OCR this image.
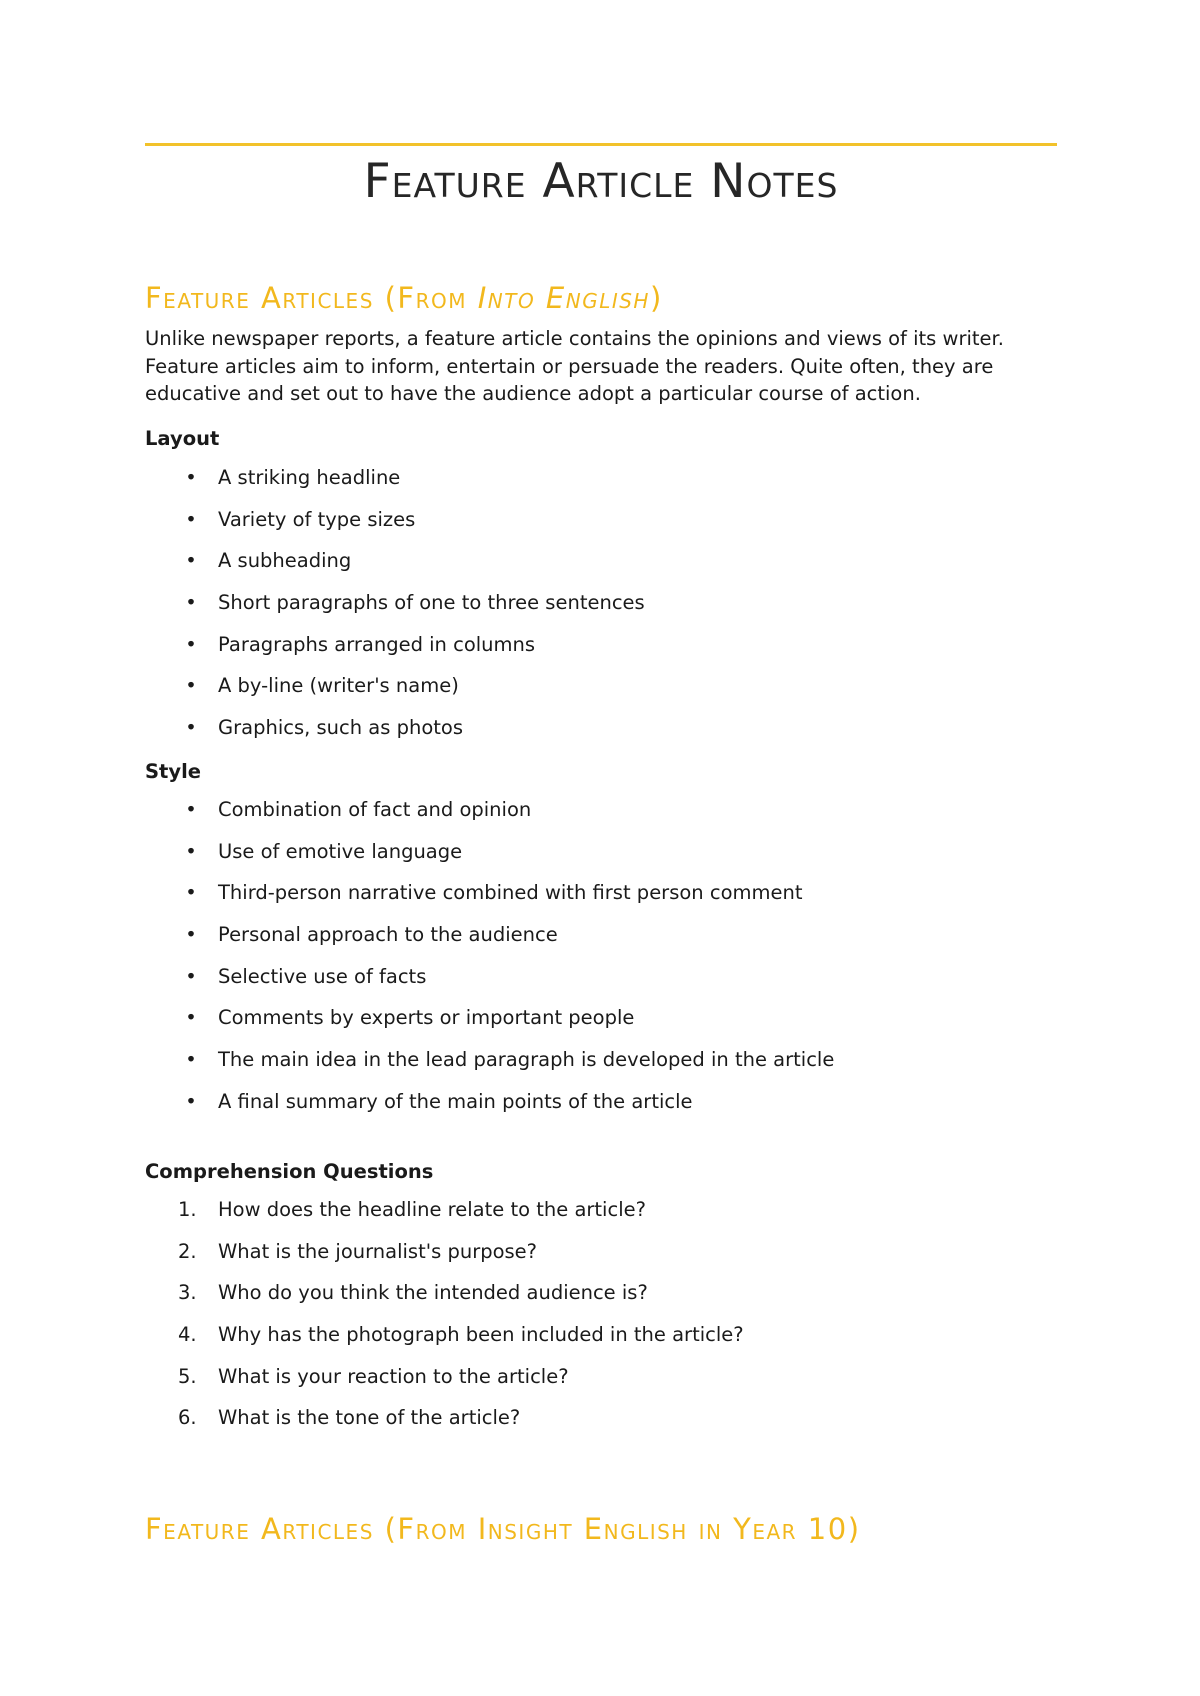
Feature Article Notes
Feature Articles (From Into English)

Unlike newspaper reports, a feature article contains the opinions and views of its writer. Feature articles aim to inform, entertain or persuade the readers. Quite often, they are educative and set out to have the audience adopt a particular course of action.

Layout
• A striking headline
• Variety of type sizes
• A subheading
• Short paragraphs of one to three sentences
• Paragraphs arranged in columns
• A by-line (writer's name)
• Graphics, such as photos
Style
• Combination of fact and opinion
• Use of emotive language
• Third-person narrative combined with first person comment
• Personal approach to the audience
• Selective use of facts
• Comments by experts or important people
• The main idea in the lead paragraph is developed in the article
• A final summary of the main points of the article
Comprehension Questions
1.	How does the headline relate to the article?
2.	What is the journalist's purpose?
3.	Who do you think the intended audience is?
4.	Why has the photograph been included in the article?
5.	What is your reaction to the article?
6.	What is the tone of the article?
Feature Articles (From Insight English in Year 10)
